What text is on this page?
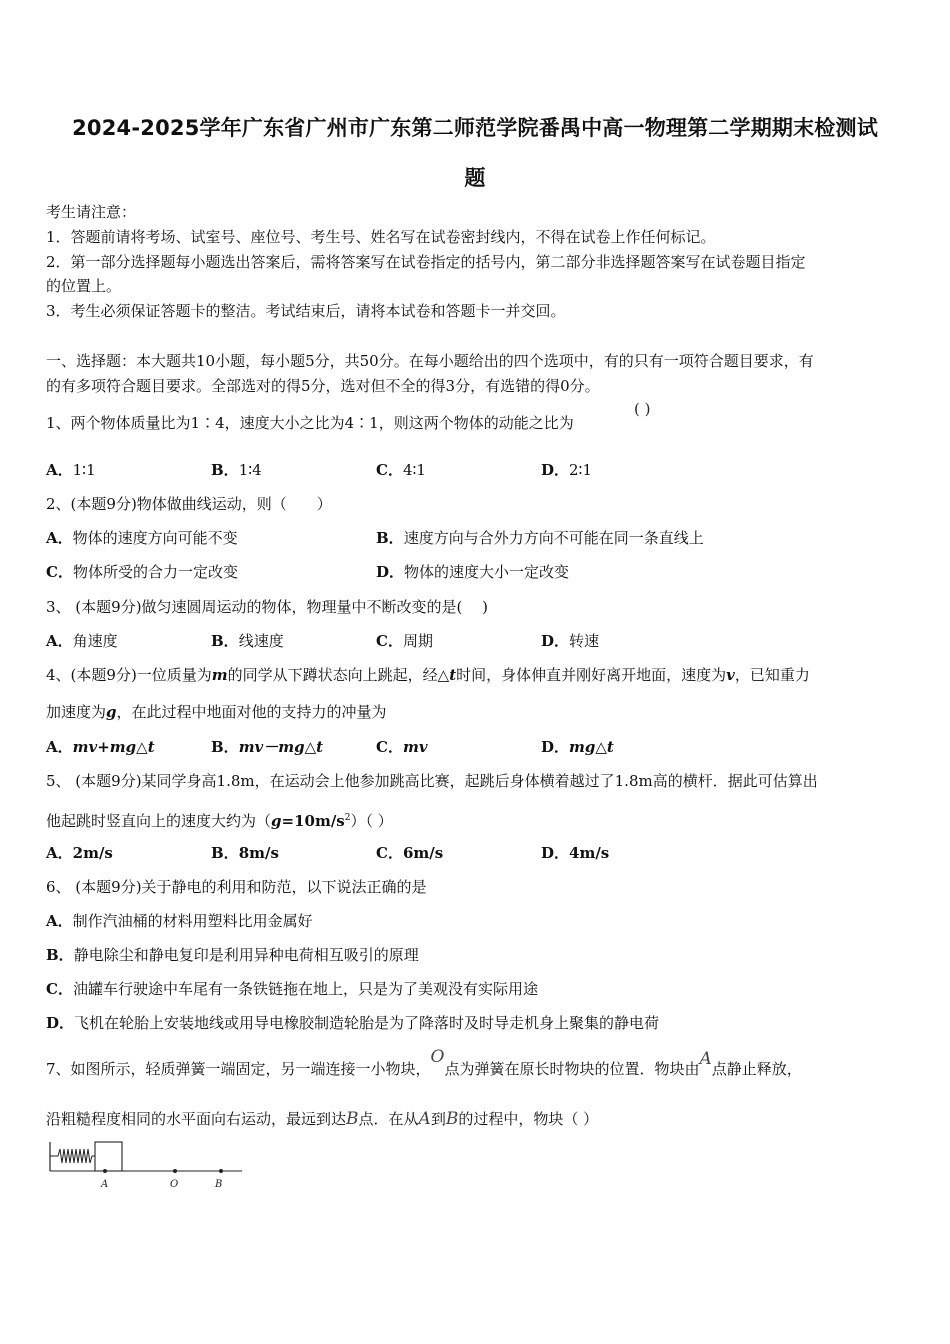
2024-2025学年广东省广州市广东第二师范学院番禺中高一物理第二学期期末检测试
题
考生请注意：
1．答题前请将考场、试室号、座位号、考生号、姓名写在试卷密封线内，不得在试卷上作任何标记。
2．第一部分选择题每小题选出答案后，需将答案写在试卷指定的括号内，第二部分非选择题答案写在试卷题目指定
的位置上。
3．考生必须保证答题卡的整洁。考试结束后，请将本试卷和答题卡一并交回。
一、选择题：本大题共10小题，每小题5分，共50分。在每小题给出的四个选项中，有的只有一项符合题目要求，有
的有多项符合题目要求。全部选对的得5分，选对但不全的得3分，有选错的得0分。
1、两个物体质量比为1∶4，速度大小之比为4∶1，则这两个物体的动能之比为
( )
A．1∶1	B．1∶4	C．4∶1	D．2∶1
2、(本题9分)物体做曲线运动，则（　　）
A．物体的速度方向可能不变	B．速度方向与合外力方向不可能在同一条直线上
C．物体所受的合力一定改变	D．物体的速度大小一定改变
3、 (本题9分)做匀速圆周运动的物体，物理量中不断改变的是(　 )
A．角速度	B．线速度	C．周期	D．转速
4、(本题9分)一位质量为m的同学从下蹲状态向上跳起，经△t时间，身体伸直并刚好离开地面，速度为v，已知重力
加速度为g，在此过程中地面对他的支持力的冲量为
A．mv+mg△t	B．mv－mg△t	C．mv	D．mg△t
5、 (本题9分)某同学身高1.8m，在运动会上他参加跳高比赛，起跳后身体横着越过了1.8m高的横杆．据此可估算出
他起跳时竖直向上的速度大约为$(g=10m/s^2)$（ ）
A．2m/s	B．8m/s	C．6m/s	D．4m/s
6、 (本题9分)关于静电的利用和防范，以下说法正确的是
A．制作汽油桶的材料用塑料比用金属好
B．静电除尘和静电复印是利用异种电荷相互吸引的原理
C．油罐车行驶途中车尾有一条铁链拖在地上，只是为了美观没有实际用途
D．飞机在轮胎上安装地线或用导电橡胶制造轮胎是为了降落时及时导走机身上聚集的静电荷
7、如图所示，轻质弹簧一端固定，另一端连接一小物块，O点为弹簧在原长时物块的位置．物块由A点静止释放，
沿粗糙程度相同的水平面向右运动，最远到达B点．在从A到B的过程中，物块（ ）
A	O	B
